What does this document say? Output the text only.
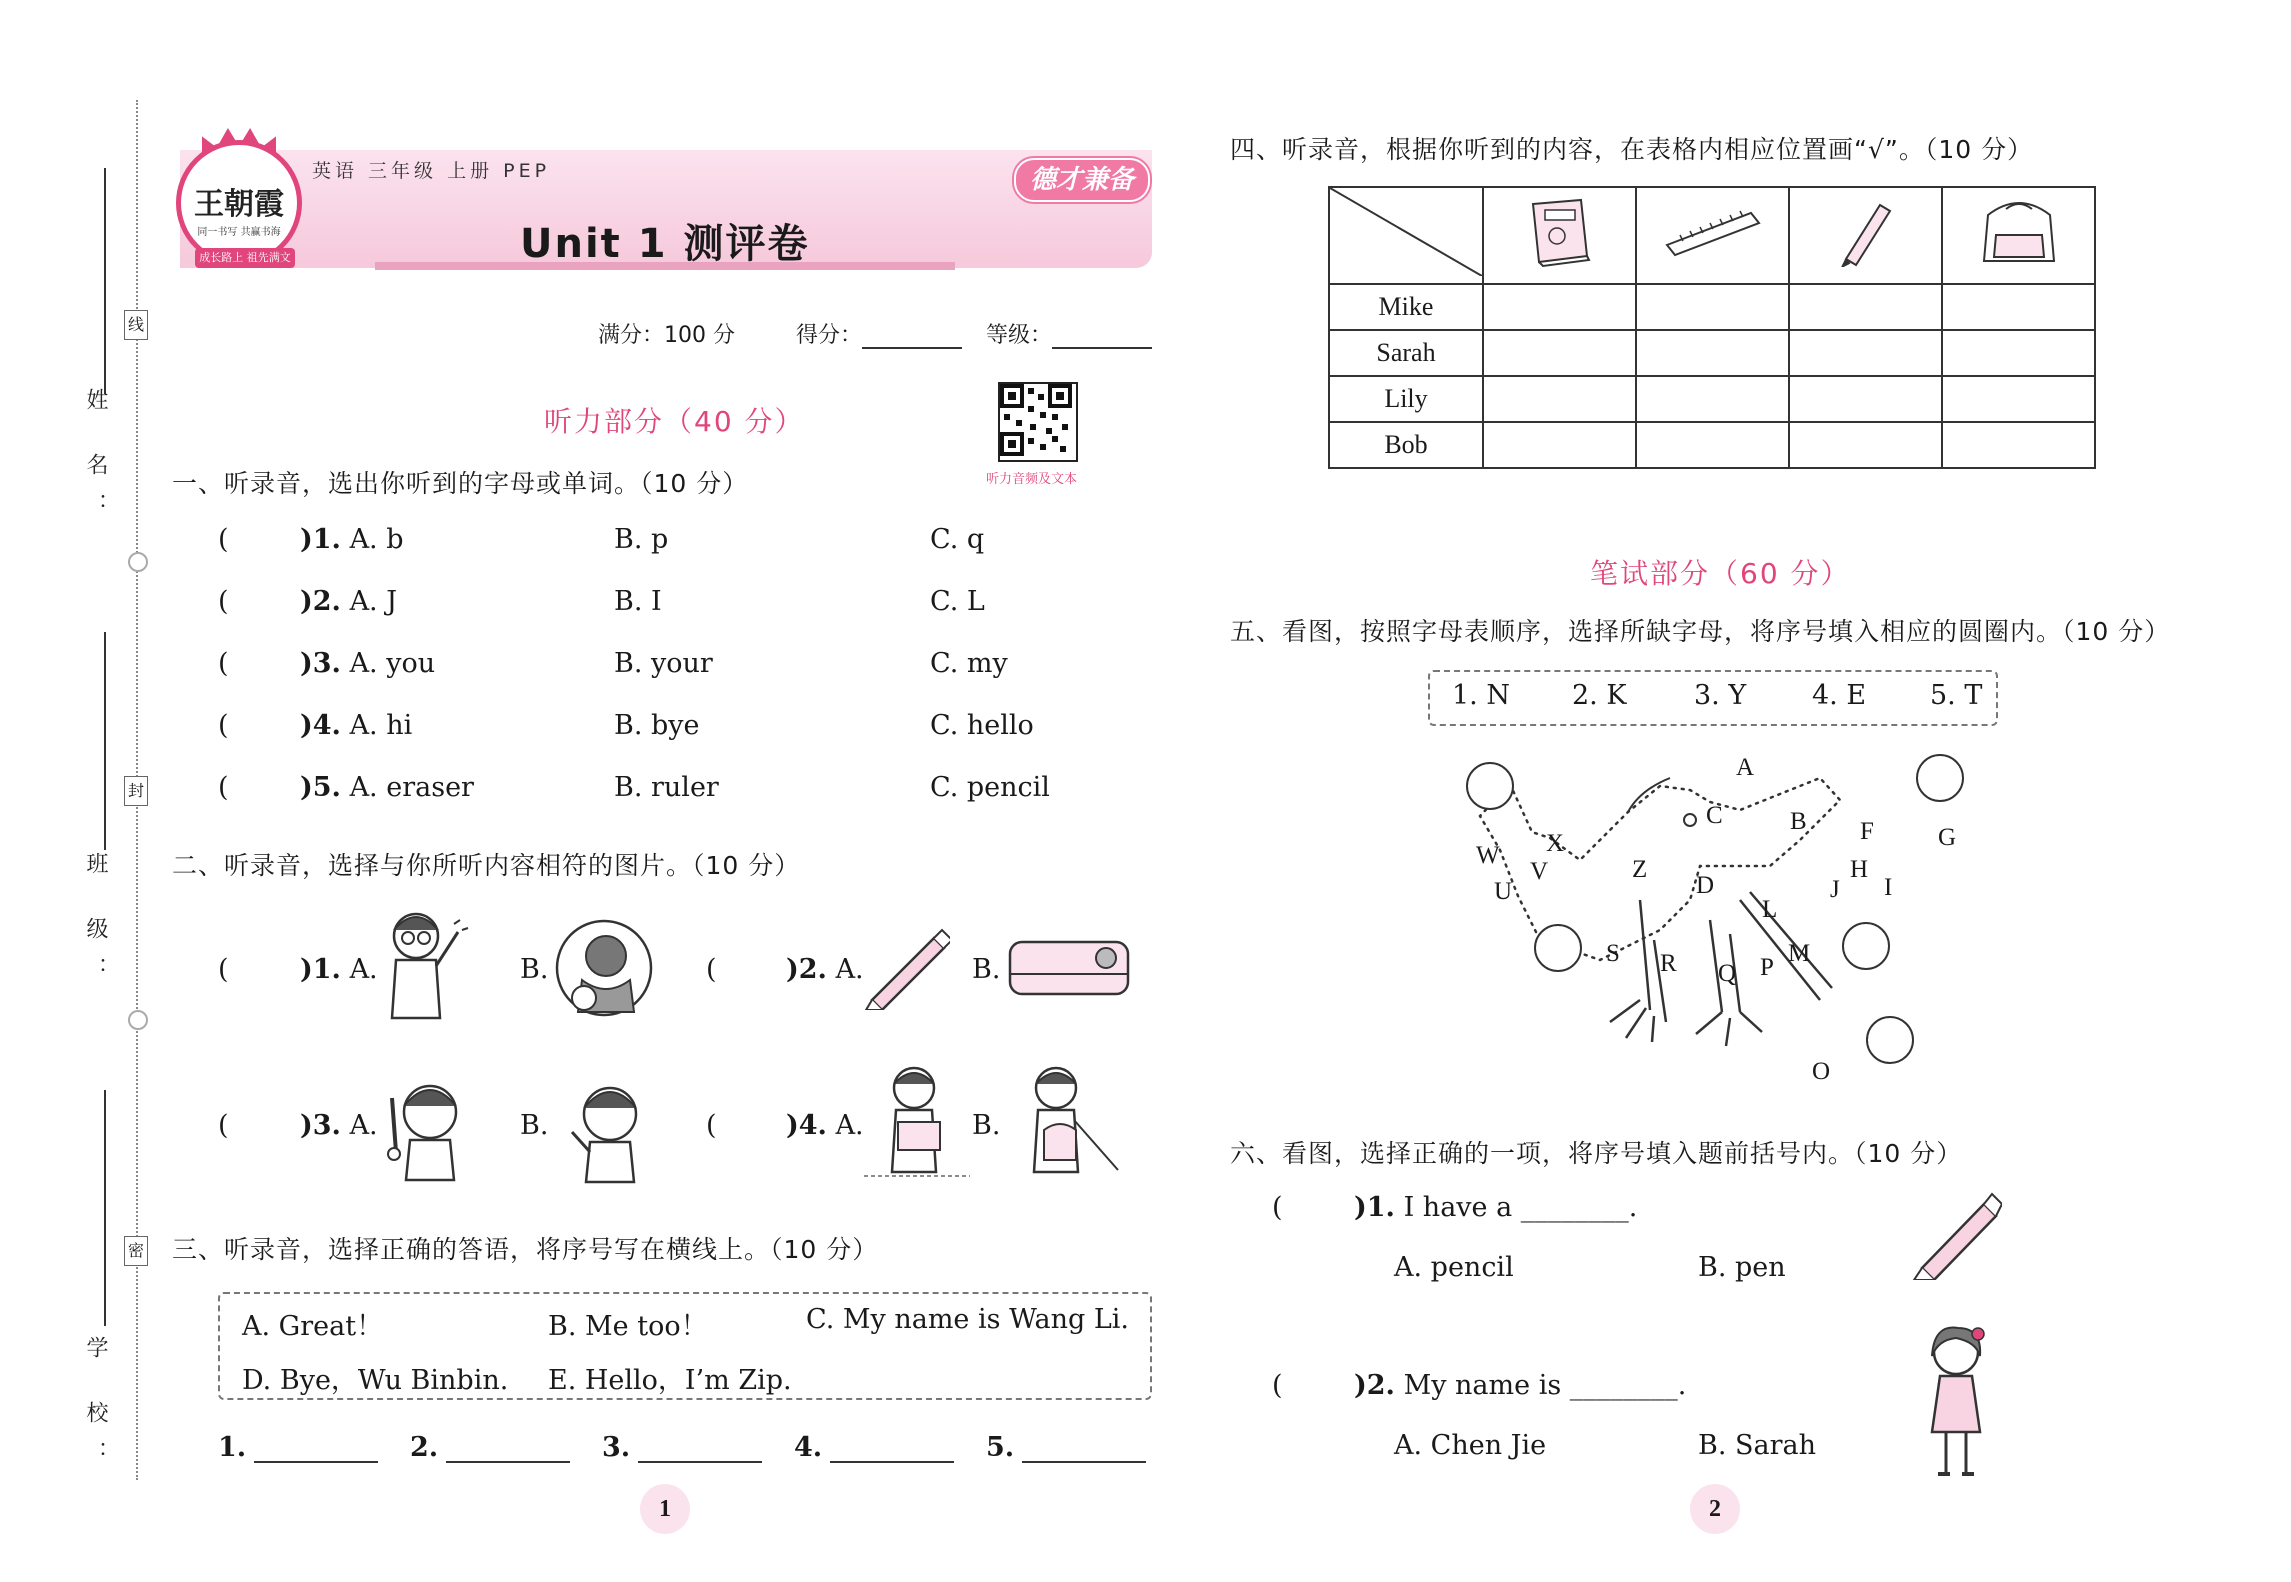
姓 名：
线
班 级：
封
学 校：
密
王朝霞
同一书写 共赢书海
成长路上 祖先满文
英语 三年级 上册 PEP
Unit 1 测评卷
德才兼备
满分：100 分	得分：	等级：
听力音频及文本
听力部分（40 分）
一、听录音，选出你听到的字母或单词。（10 分）
(	)1. A. b	B. p	C. q
(	)2. A. J	B. I	C. L
(	)3. A. you	B. your	C. my
(	)4. A. hi	B. bye	C. hello
(	)5. A. eraser	B. ruler	C. pencil
二、听录音，选择与你所听内容相符的图片。（10 分）
(	)1. A.	B.	(	)2. A.	B.
(	)3. A.	B.	(	)4. A.	B.
三、听录音，选择正确的答语，将序号写在横线上。（10 分）
A. Great！	B. Me too！	C. My name is Wang Li.
D. Bye，Wu Binbin. E. Hello，I’m Zip.
1.	2.	3.	4.	5.
1
四、听录音，根据你听到的内容，在表格内相应位置画“√”。（10 分）

Mike				
Sarah				
Lily				
Bob				
笔试部分（60 分）
五、看图，按照字母表顺序，选择所缺字母，将序号填入相应的圆圈内。（10 分）
1. N 2. K 3. Y 4. E 5. T
A
B
C
D
F	G
H
I
J
L
M
O
P
Q
R
S
U
V
W X
Z
六、看图，选择正确的一项，将序号填入题前括号内。（10 分）
(	)1. I have a ________.
A. pencil	B. pen
(	)2. My name is ________.
A. Chen Jie	B. Sarah
2
